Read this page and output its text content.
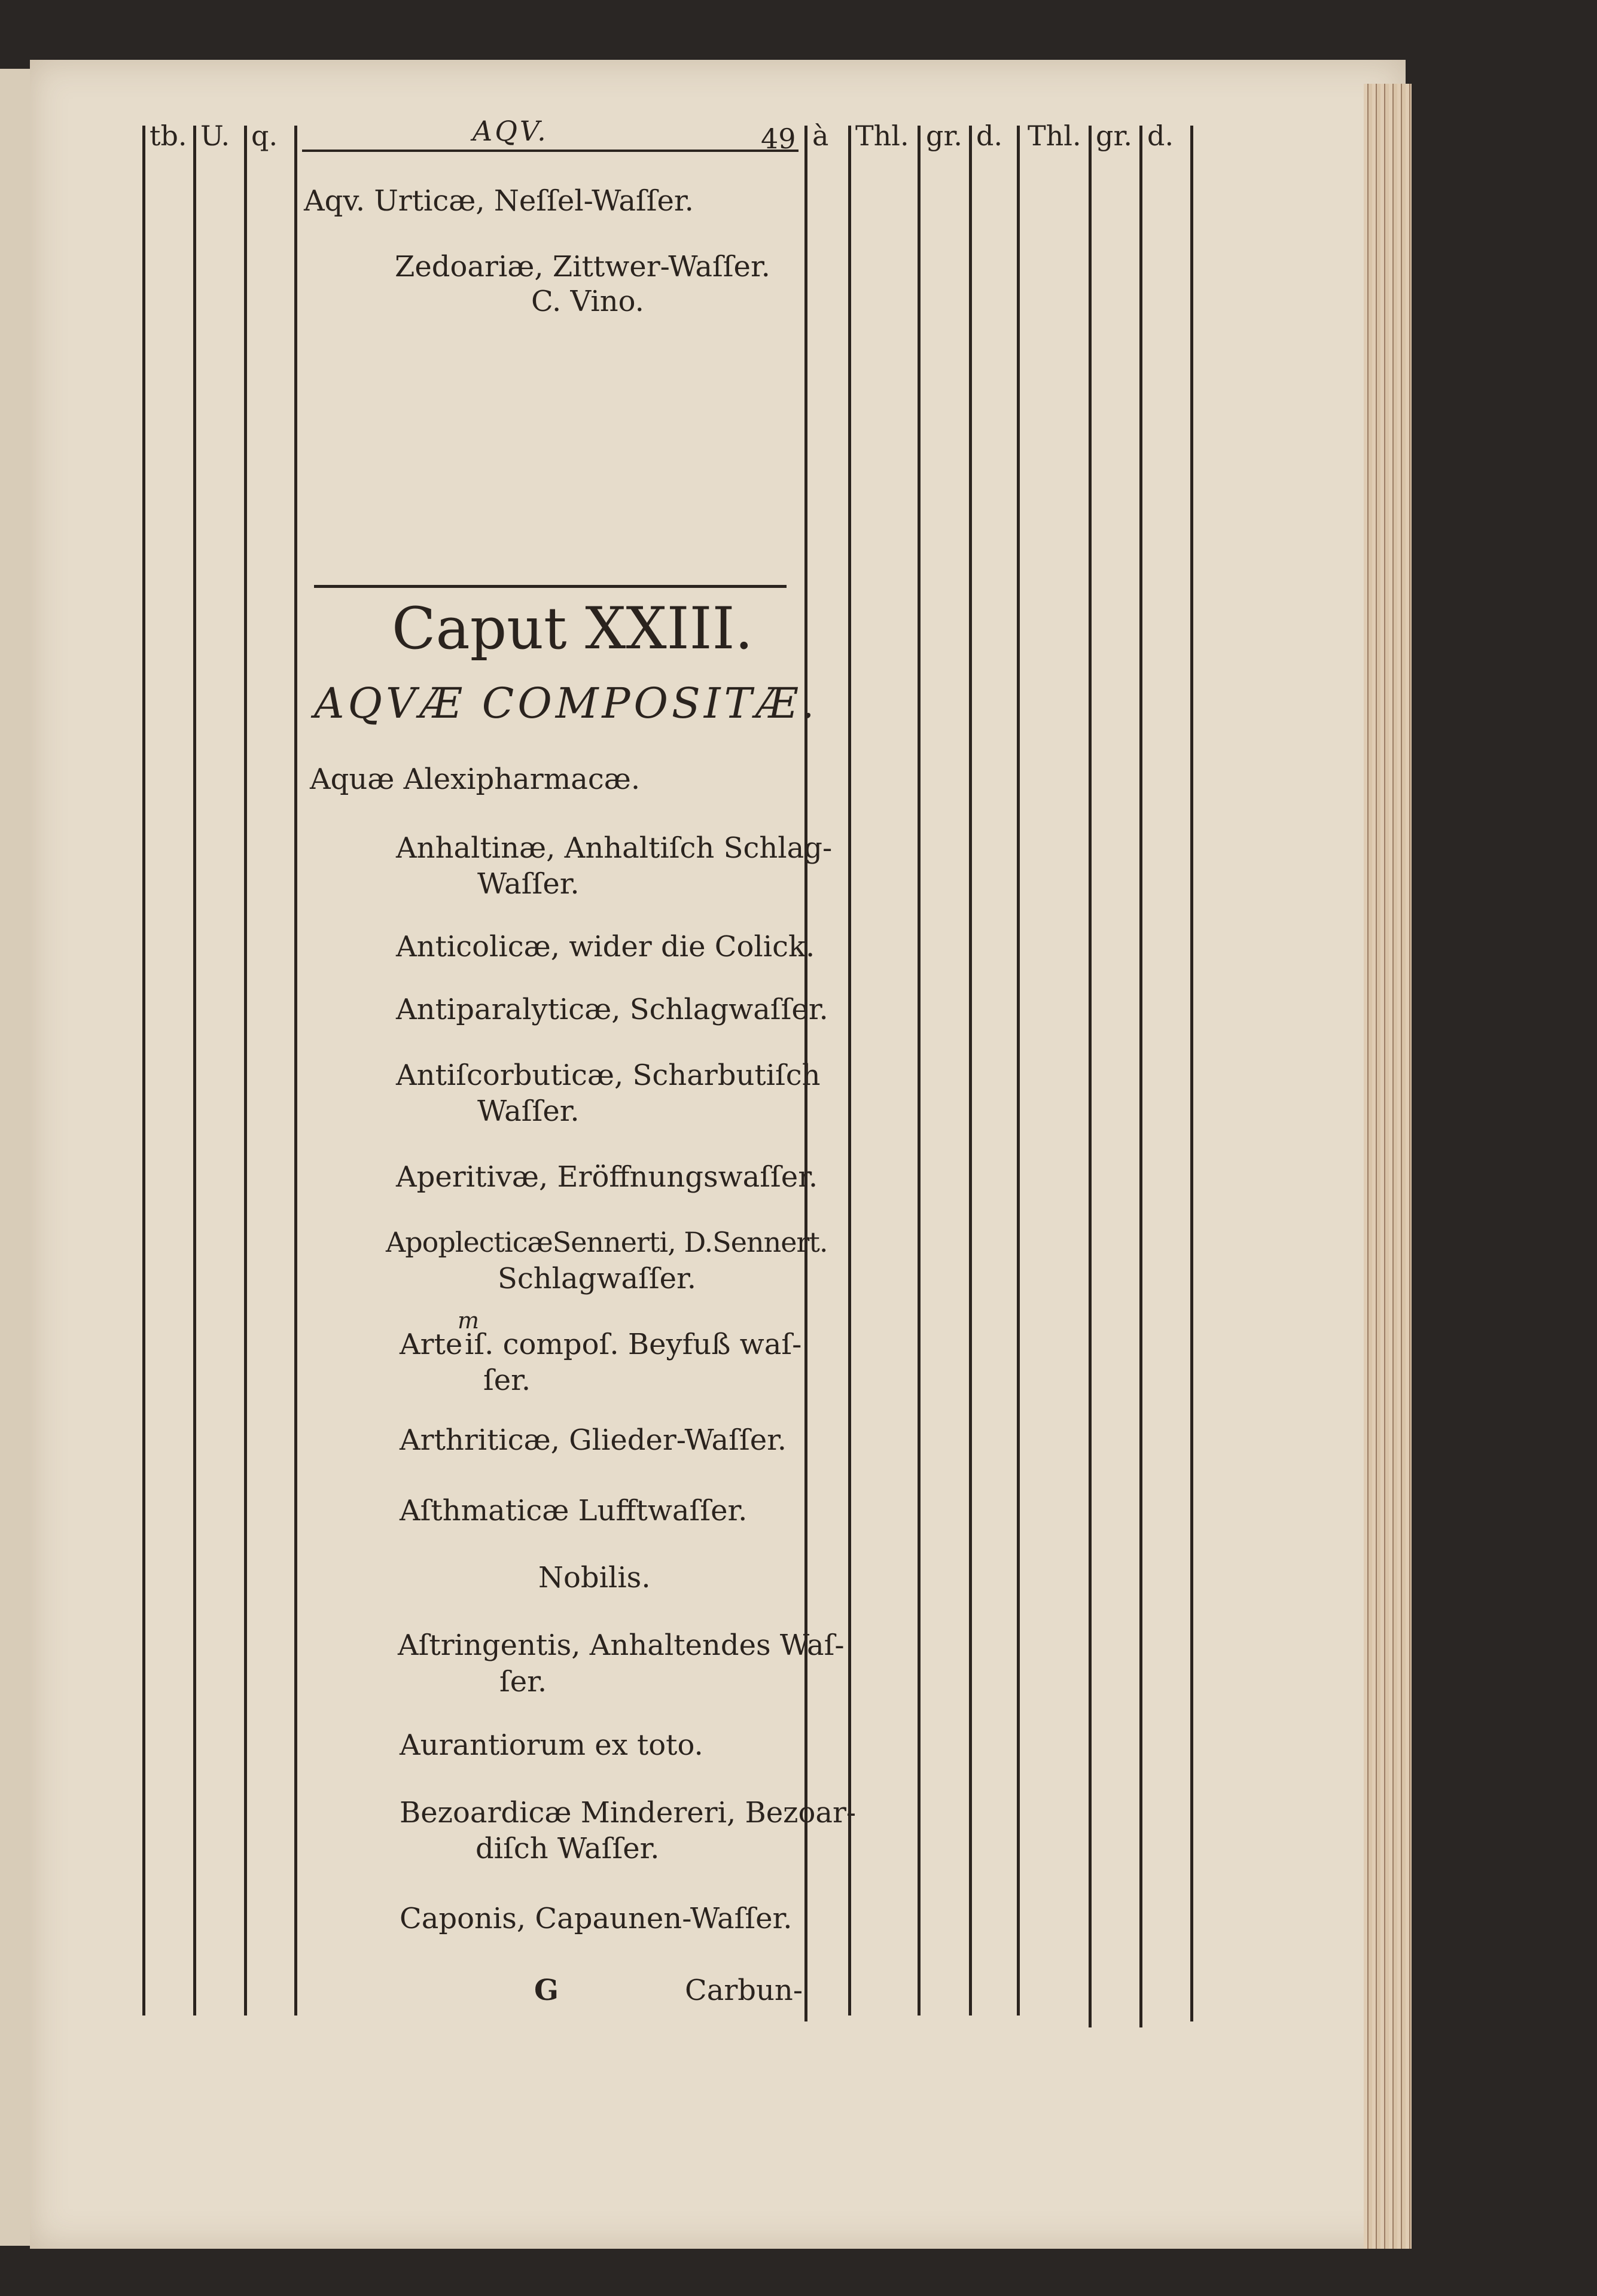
tb. U. q.	AQV.	49 à Thl. gr. d. Thl. gr. d.
Aqv. Urticæ, Neſſel-Waſſer.
Zedoariæ, Zittwer-Waſſer.
C. Vino.
Caput XXIII.
AQVÆ COMPOSITÆ.
Aquæ Alexipharmacæ.
Anhaltinæ, Anhaltiſch Schlag-
Waſſer.
Anticolicæ, wider die Colick.
Antiparalyticæ, Schlagwaſſer.
Antiſcorbuticæ, Scharbutiſch
Waſſer.
Aperitivæ, Eröffnungswaſſer.
ApoplecticæSennerti, D.Sennert.
Schlagwaſſer.
Arte
m
iſ. compoſ. Beyfuß waſ-
ſer.
Arthriticæ, Glieder-Waſſer.
Aſthmaticæ Lufftwaſſer.
Nobilis.
Aſtringentis, Anhaltendes Waſ-
ſer.
Aurantiorum ex toto.
Bezoardicæ Mindereri, Bezoar-
diſch Waſſer.
Caponis, Capaunen-Waſſer.
G	Carbun-
